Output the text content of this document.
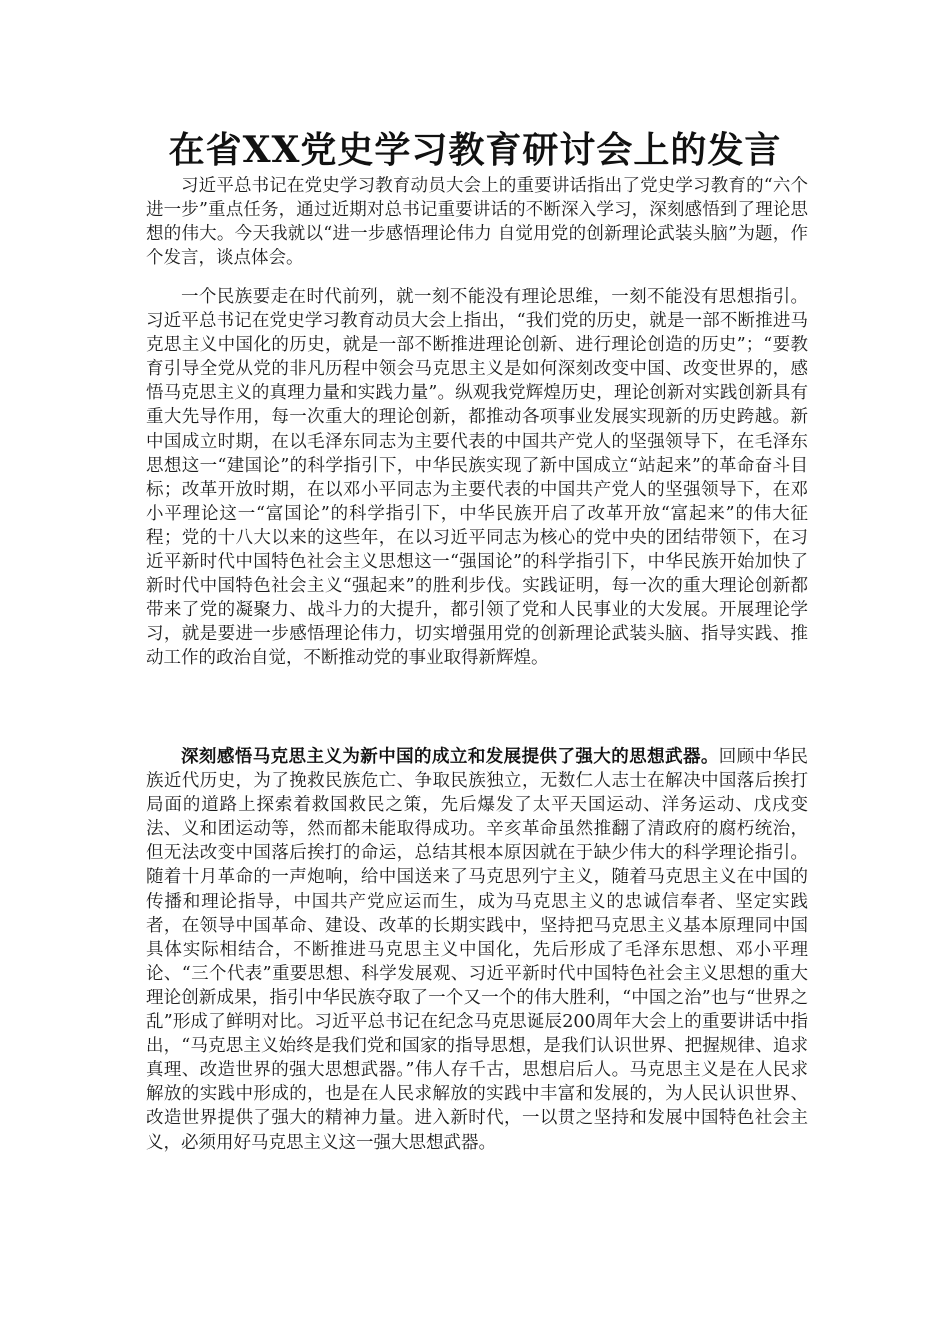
在省XX党史学习教育研讨会上的发言

习近平总书记在党史学习教育动员大会上的重要讲话指出了党史学习教育的“六个进一步”重点任务，通过近期对总书记重要讲话的不断深入学习，深刻感悟到了理论思想的伟大。今天我就以“进一步感悟理论伟力 自觉用党的创新理论武装头脑”为题，作个发言，谈点体会。

一个民族要走在时代前列，就一刻不能没有理论思维，一刻不能没有思想指引。习近平总书记在党史学习教育动员大会上指出，“我们党的历史，就是一部不断推进马克思主义中国化的历史，就是一部不断推进理论创新、进行理论创造的历史”；“要教育引导全党从党的非凡历程中领会马克思主义是如何深刻改变中国、改变世界的，感悟马克思主义的真理力量和实践力量”。纵观我党辉煌历史，理论创新对实践创新具有重大先导作用，每一次重大的理论创新，都推动各项事业发展实现新的历史跨越。新中国成立时期，在以毛泽东同志为主要代表的中国共产党人的坚强领导下，在毛泽东思想这一“建国论”的科学指引下，中华民族实现了新中国成立“站起来”的革命奋斗目标；改革开放时期，在以邓小平同志为主要代表的中国共产党人的坚强领导下，在邓小平理论这一“富国论”的科学指引下，中华民族开启了改革开放“富起来”的伟大征程；党的十八大以来的这些年，在以习近平同志为核心的党中央的团结带领下，在习近平新时代中国特色社会主义思想这一“强国论”的科学指引下，中华民族开始加快了新时代中国特色社会主义“强起来”的胜利步伐。实践证明，每一次的重大理论创新都带来了党的凝聚力、战斗力的大提升，都引领了党和人民事业的大发展。开展理论学习，就是要进一步感悟理论伟力，切实增强用党的创新理论武装头脑、指导实践、推动工作的政治自觉，不断推动党的事业取得新辉煌。

深刻感悟马克思主义为新中国的成立和发展提供了强大的思想武器。回顾中华民族近代历史，为了挽救民族危亡、争取民族独立，无数仁人志士在解决中国落后挨打局面的道路上探索着救国救民之策，先后爆发了太平天国运动、洋务运动、戊戌变法、义和团运动等，然而都未能取得成功。辛亥革命虽然推翻了清政府的腐朽统治，但无法改变中国落后挨打的命运，总结其根本原因就在于缺少伟大的科学理论指引。随着十月革命的一声炮响，给中国送来了马克思列宁主义，随着马克思主义在中国的传播和理论指导，中国共产党应运而生，成为马克思主义的忠诚信奉者、坚定实践者，在领导中国革命、建设、改革的长期实践中，坚持把马克思主义基本原理同中国具体实际相结合，不断推进马克思主义中国化，先后形成了毛泽东思想、邓小平理论、“三个代表”重要思想、科学发展观、习近平新时代中国特色社会主义思想的重大理论创新成果，指引中华民族夺取了一个又一个的伟大胜利，“中国之治”也与“世界之乱”形成了鲜明对比。习近平总书记在纪念马克思诞辰200周年大会上的重要讲话中指出，“马克思主义始终是我们党和国家的指导思想，是我们认识世界、把握规律、追求真理、改造世界的强大思想武器。”伟人存千古，思想启后人。马克思主义是在人民求解放的实践中形成的，也是在人民求解放的实践中丰富和发展的，为人民认识世界、改造世界提供了强大的精神力量。进入新时代，一以贯之坚持和发展中国特色社会主义，必须用好马克思主义这一强大思想武器。
